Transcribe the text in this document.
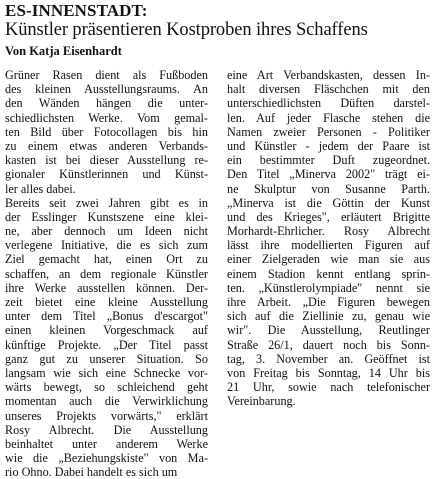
ES-INNENSTADT:
Künstler präsentieren Kostproben ihres Schaffens
Von Katja Eisenhardt
Grüner Rasen dient als Fußboden
des kleinen Ausstellungsraums. An
den Wänden hängen die unter-
schiedlichsten Werke. Vom gemal-
ten Bild über Fotocollagen bis hin
zu einem etwas anderen Verbands-
kasten ist bei dieser Ausstellung re-
gionaler Künstlerinnen und Künst-
ler alles dabei.
Bereits seit zwei Jahren gibt es in
der Esslinger Kunstszene eine klei-
ne, aber dennoch um Ideen nicht
verlegene Initiative, die es sich zum
Ziel gemacht hat, einen Ort zu
schaffen, an dem regionale Künstler
ihre Werke ausstellen können. Der-
zeit bietet eine kleine Ausstellung
unter dem Titel „Bonus d'escargot"
einen kleinen Vorgeschmack auf
künftige Projekte. „Der Titel passt
ganz gut zu unserer Situation. So
langsam wie sich eine Schnecke vor-
wärts bewegt, so schleichend geht
momentan auch die Verwirklichung
unseres Projekts vorwärts," erklärt
Rosy Albrecht. Die Ausstellung
beinhaltet unter anderem Werke
wie die „Beziehungskiste" von Ma-
rio Ohno. Dabei handelt es sich um
eine Art Verbandskasten, dessen In-
halt diversen Fläschchen mit den
unterschiedlichsten Düften darstel-
len. Auf jeder Flasche stehen die
Namen zweier Personen - Politiker
und Künstler - jedem der Paare ist
ein bestimmter Duft zugeordnet.
Den Titel „Minerva 2002" trägt ei-
ne Skulptur von Susanne Parth.
„Minerva ist die Göttin der Kunst
und des Krieges", erläutert Brigitte
Morhardt-Ehrlicher. Rosy Albrecht
lässt ihre modellierten Figuren auf
einer Zielgeraden wie man sie aus
einem Stadion kennt entlang sprin-
ten. „Künstlerolympiade" nennt sie
ihre Arbeit. „Die Figuren bewegen
sich auf die Ziellinie zu, genau wie
wir". Die Ausstellung, Reutlinger
Straße 26/1, dauert noch bis Sonn-
tag, 3. November an. Geöffnet ist
von Freitag bis Sonntag, 14 Uhr bis
21 Uhr, sowie nach telefonischer
Vereinbarung.
